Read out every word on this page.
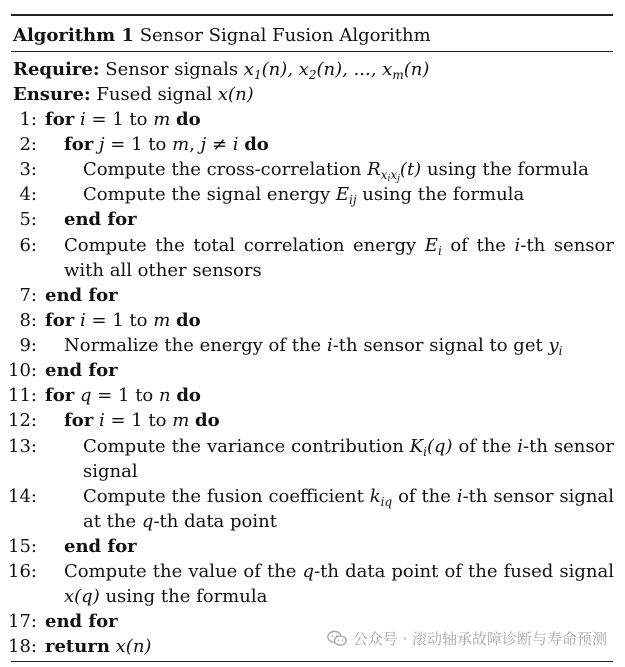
Algorithm 1 Sensor Signal Fusion Algorithm
Require: Sensor signals $x_1(n)$, $x_2(n)$, ..., $x_m(n)$
Ensure: Fused signal x(n)
1: for i = 1 to m do
2: for j = 1 to m, j ≠ i do
3:	Compute the cross-correlation $R_{x_ix_j}(t)$ using the formula
4:	Compute the signal energy $E_{ij}$ using the formula
5: end for
6: Compute the total correlation energy $E_i$ of the i-th sensor with all other sensors
7: end for
8: for i = 1 to m do
9: Normalize the energy of the i-th sensor signal to get $y_i$
10: end for
11: for q = 1 to n do
12: for i = 1 to m do
13:	Compute the variance contribution $K_i(q)$ of the i-th sensor signal
14:	Compute the fusion coefficient $k_{iq}$ of the i-th sensor signal at the q-th data point
15: end for
16: Compute the value of the q-th data point of the fused signal x(q) using the formula
17: end for
18: return x(n)	公众号 · 滚动轴承故障诊断与寿命预测
